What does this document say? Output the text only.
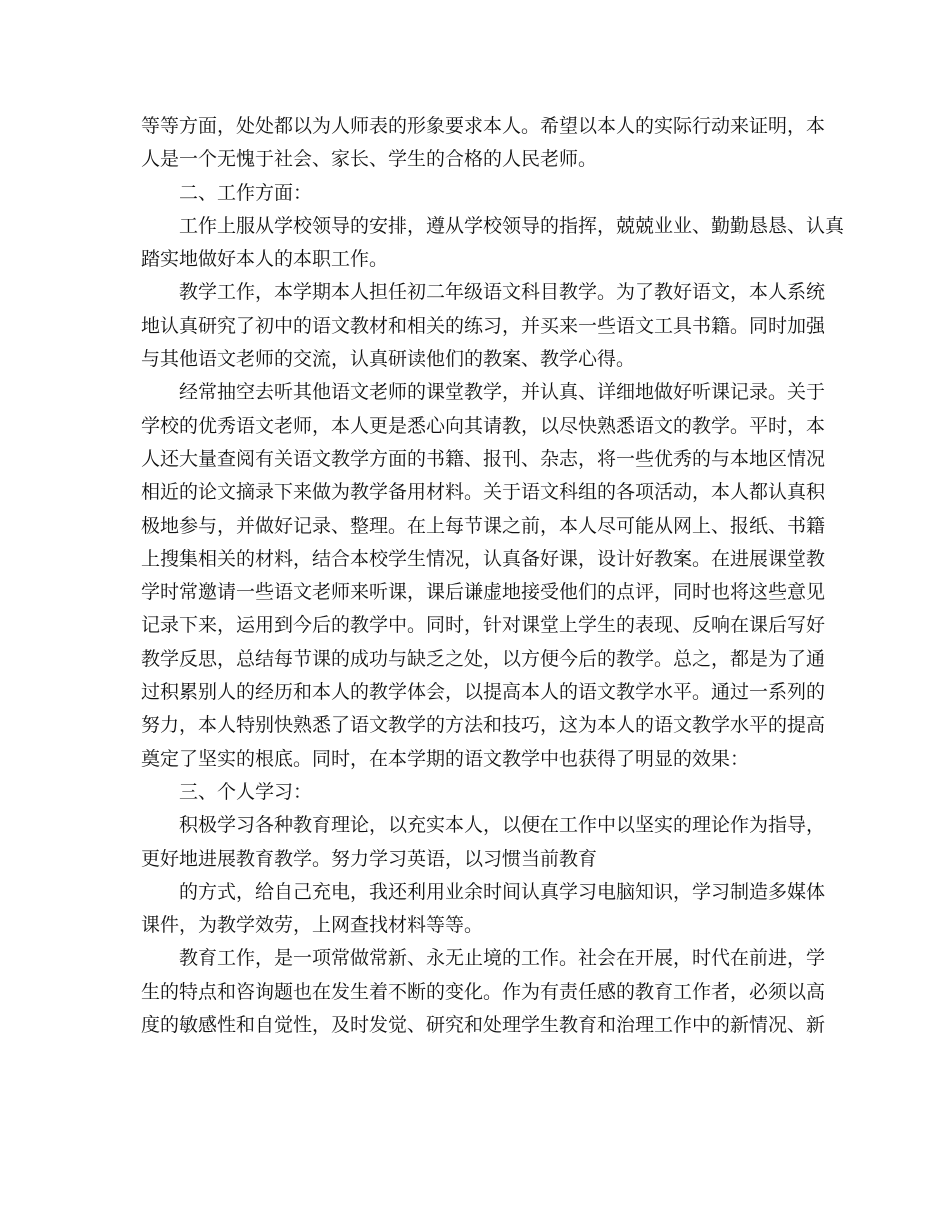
等等方面，处处都以为人师表的形象要求本人。希望以本人的实际行动来证明，本
人是一个无愧于社会、家长、学生的合格的人民老师。
二、工作方面：
工作上服从学校领导的安排，遵从学校领导的指挥，兢兢业业、勤勤恳恳、认真
踏实地做好本人的本职工作。
教学工作，本学期本人担任初二年级语文科目教学。为了教好语文，本人系统
地认真研究了初中的语文教材和相关的练习，并买来一些语文工具书籍。同时加强
与其他语文老师的交流，认真研读他们的教案、教学心得。
经常抽空去听其他语文老师的课堂教学，并认真、详细地做好听课记录。关于
学校的优秀语文老师，本人更是悉心向其请教，以尽快熟悉语文的教学。平时，本
人还大量查阅有关语文教学方面的书籍、报刊、杂志，将一些优秀的与本地区情况
相近的论文摘录下来做为教学备用材料。关于语文科组的各项活动，本人都认真积
极地参与，并做好记录、整理。在上每节课之前，本人尽可能从网上、报纸、书籍
上搜集相关的材料，结合本校学生情况，认真备好课，设计好教案。在进展课堂教
学时常邀请一些语文老师来听课，课后谦虚地接受他们的点评，同时也将这些意见
记录下来，运用到今后的教学中。同时，针对课堂上学生的表现、反响在课后写好
教学反思，总结每节课的成功与缺乏之处，以方便今后的教学。总之，都是为了通
过积累别人的经历和本人的教学体会，以提高本人的语文教学水平。通过一系列的
努力，本人特别快熟悉了语文教学的方法和技巧，这为本人的语文教学水平的提高
奠定了坚实的根底。同时，在本学期的语文教学中也获得了明显的效果：
三、个人学习：
积极学习各种教育理论，以充实本人，以便在工作中以坚实的理论作为指导，
更好地进展教育教学。努力学习英语，以习惯当前教育
的方式，给自己充电，我还利用业余时间认真学习电脑知识，学习制造多媒体
课件，为教学效劳，上网查找材料等等。
教育工作，是一项常做常新、永无止境的工作。社会在开展，时代在前进，学
生的特点和咨询题也在发生着不断的变化。作为有责任感的教育工作者，必须以高
度的敏感性和自觉性，及时发觉、研究和处理学生教育和治理工作中的新情况、新
